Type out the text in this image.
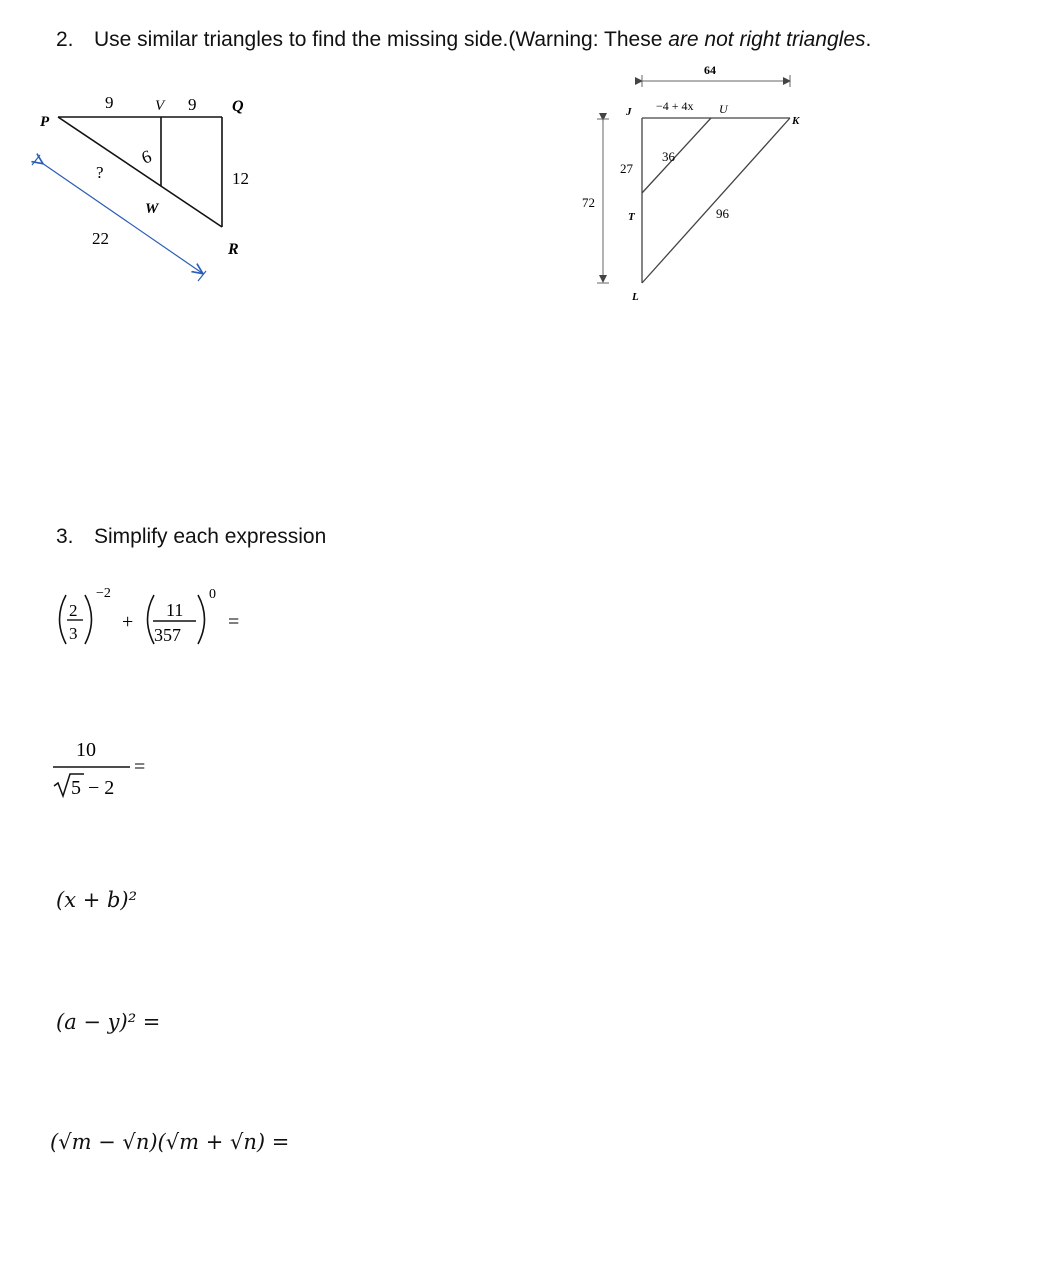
2. Use similar triangles to find the missing side.(Warning: These are not right triangles.
P
V	Q
W
R
9	9
6
12
?
22
J	U
K
T
L
64
−4 + 4x
27
36
72
96
3. Simplify each expression
2
3
−2
+
11
357
0
=
10
5 − 2
=
(x + b)²
(a − y)² =
(√m − √n)(√m + √n) =
